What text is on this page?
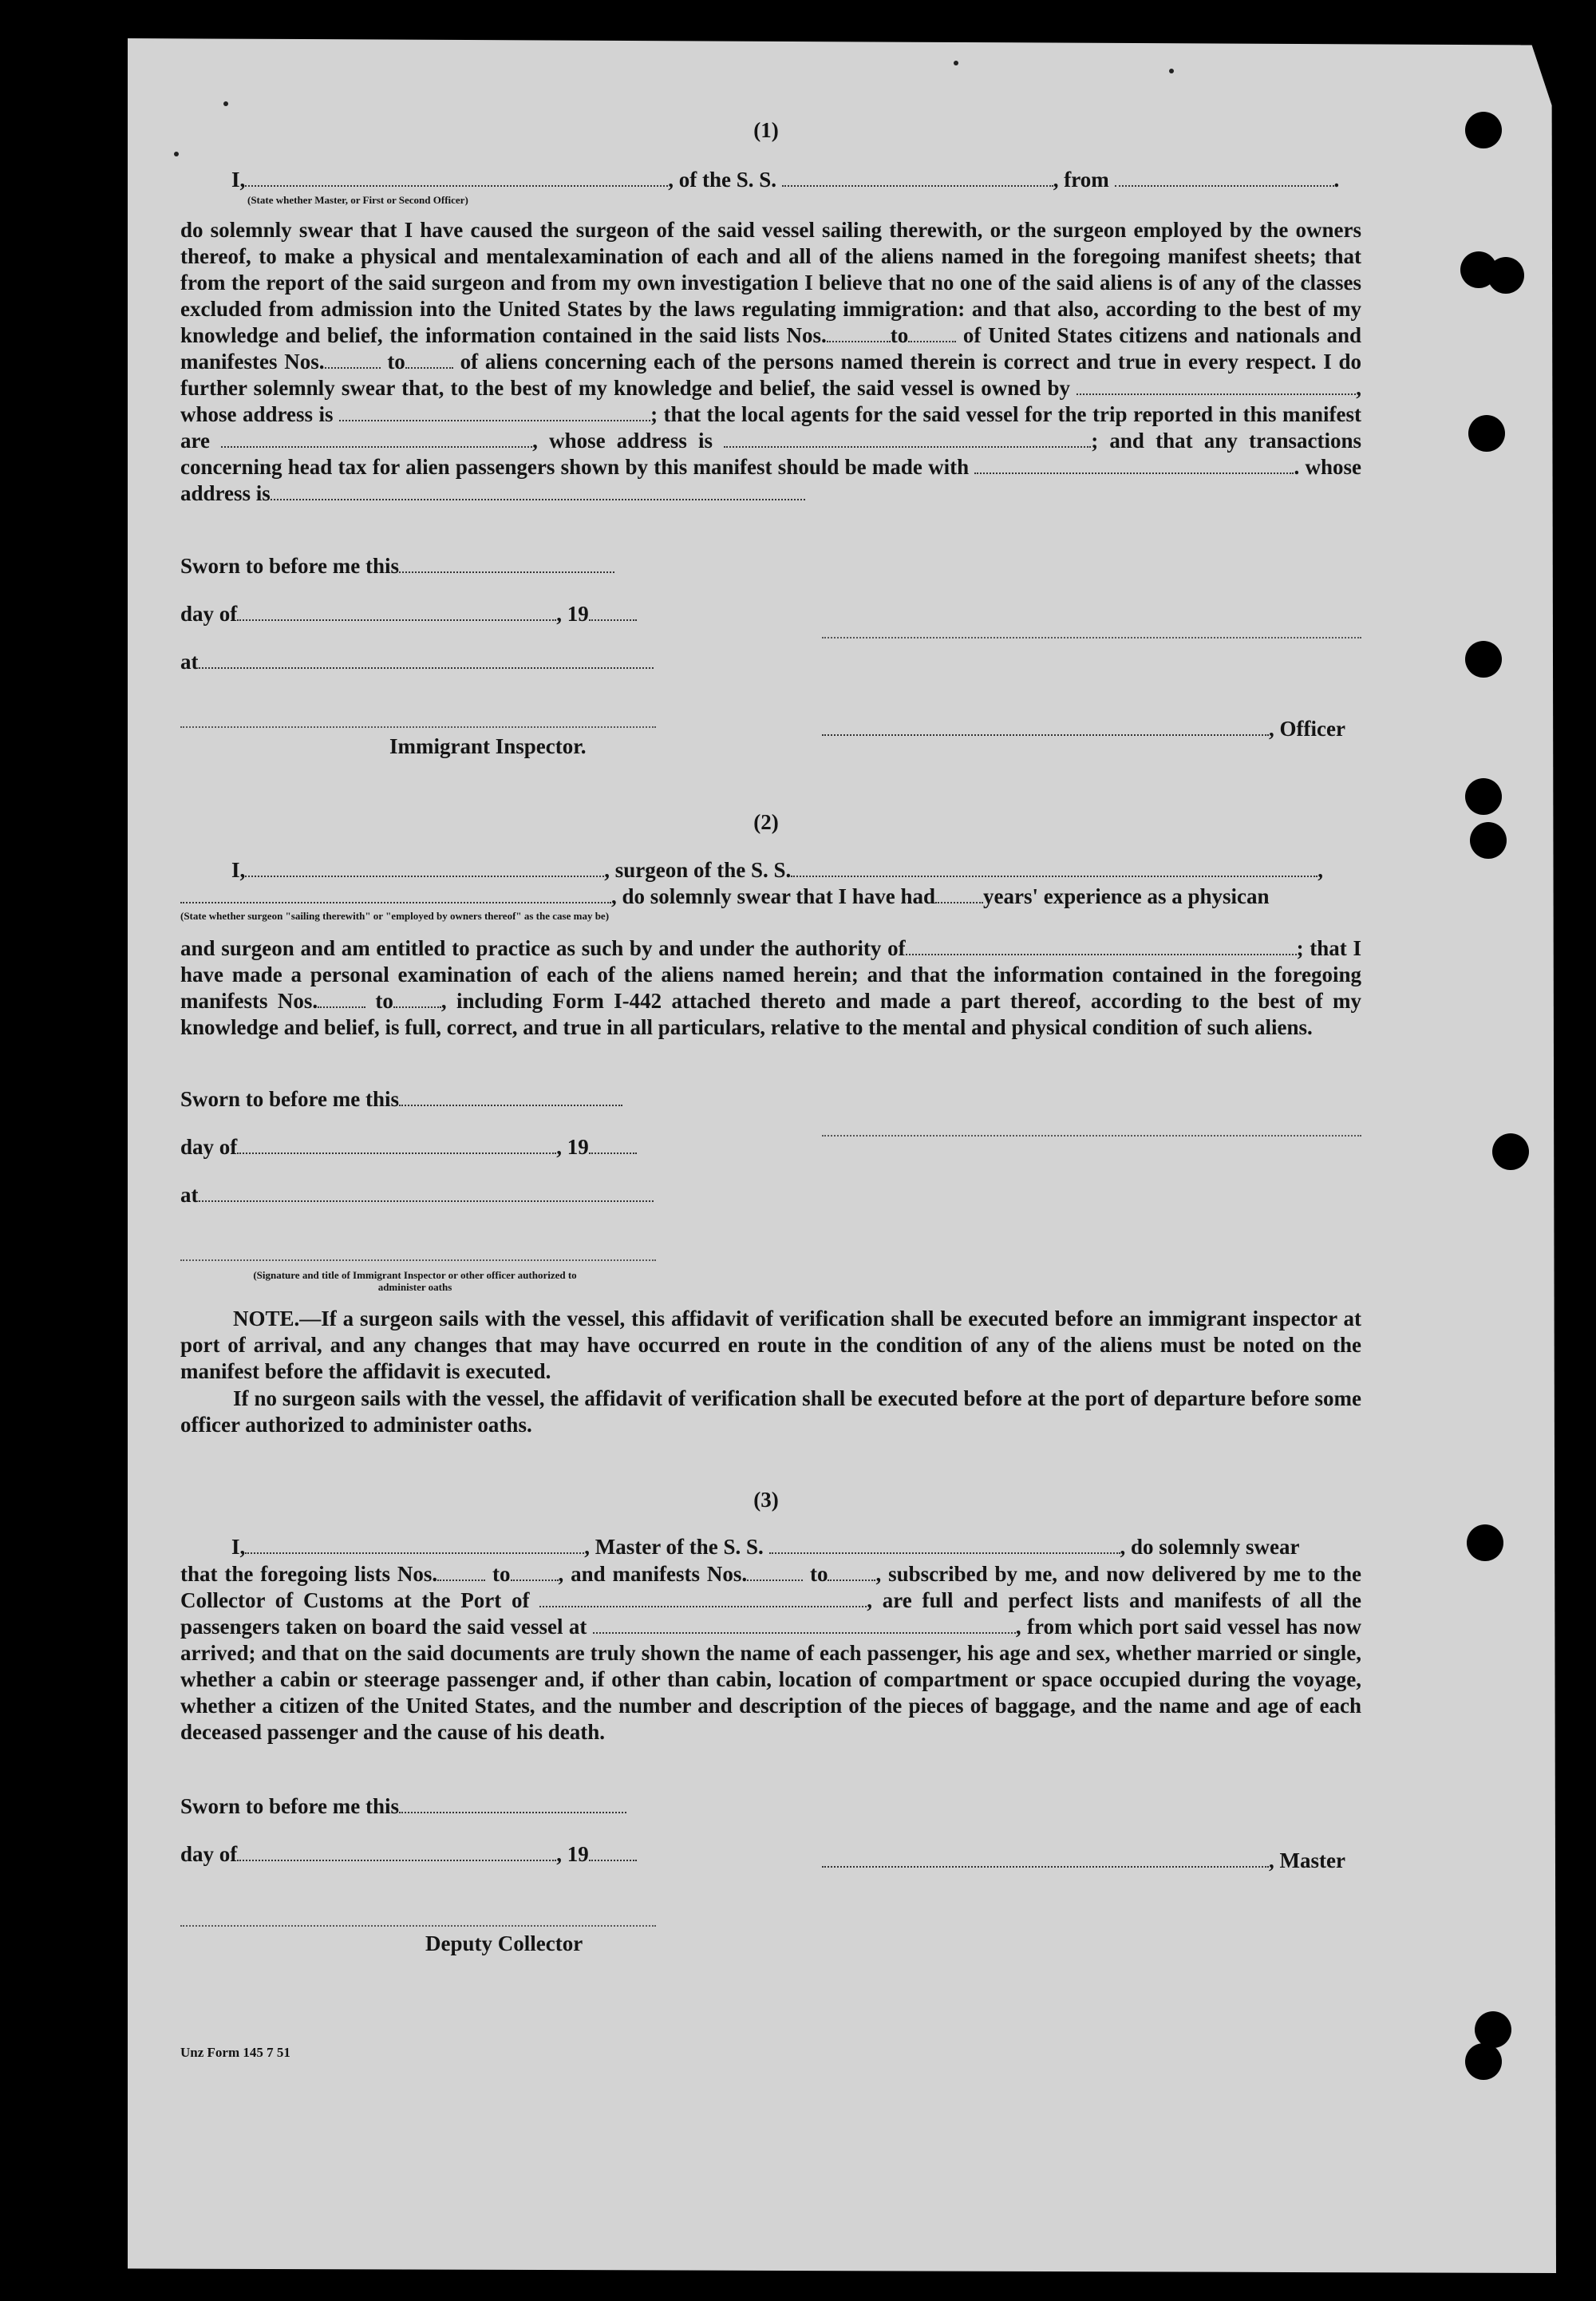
(1)
I,	, of the S. S.	, from	.
(State whether Master, or First or Second Officer)
do solemnly swear that I have caused the surgeon of the said vessel sailing therewith, or the surgeon employed by the owners thereof, to make a physical and mentalexamination of each and all of the aliens named in the foregoing manifest sheets; that from the report of the said surgeon and from my own investigation I believe that no one of the said aliens is of any of the classes excluded from admission into the United States by the laws regulating immigration: and that also, according to the best of my knowledge and belief, the information contained in the said lists Nos.	to	of United States citizens and nationals and manifestes Nos.	to	of aliens concerning each of the persons named therein is correct and true in every respect. I do further solemnly swear that, to the best of my knowledge and belief, the said vessel is owned by	, whose address is	; that the local agents for the said vessel for the trip reported in this manifest are	, whose address is	; and that any transactions concerning head tax for alien passengers shown by this manifest should be made with	. whose address is
Sworn to before me this
day of	, 19
at
, Officer
Immigrant Inspector.
(2)
I,	, surgeon of the S. S.	,
, do solemnly swear that I have had years' experience as a physican
(State whether surgeon "sailing therewith" or "employed by owners thereof" as the case may be)
and surgeon and am entitled to practice as such by and under the authority of	; that I have made a personal examination of each of the aliens named herein; and that the information contained in the foregoing manifests Nos.	to , including Form I-442 attached thereto and made a part thereof, according to the best of my knowledge and belief, is full, correct, and true in all particulars, relative to the mental and physical condition of such aliens.
Sworn to before me this
day of	, 19
at
(Signature and title of Immigrant Inspector or other officer authorized to administer oaths
NOTE.—If a surgeon sails with the vessel, this affidavit of verification shall be executed before an immigrant inspector at port of arrival, and any changes that may have occurred en route in the condition of any of the aliens must be noted on the manifest before the affidavit is executed.
If no surgeon sails with the vessel, the affidavit of verification shall be executed before at the port of departure before some officer authorized to administer oaths.
(3)
I,	, Master of the S. S.	, do solemnly swear
that the foregoing lists Nos.	to , and manifests Nos.	to , subscribed by me, and now delivered by me to the Collector of Customs at the Port of	, are full and perfect lists and manifests of all the passengers taken on board the said vessel at	, from which port said vessel has now arrived; and that on the said documents are truly shown the name of each passenger, his age and sex, whether married or single, whether a cabin or steerage passenger and, if other than cabin, location of compartment or space occupied during the voyage, whether a citizen of the United States, and the number and description of the pieces of baggage, and the name and age of each deceased passenger and the cause of his death.
Sworn to before me this
day of	, 19	, Master
Deputy Collector
Unz Form 145 7 51
